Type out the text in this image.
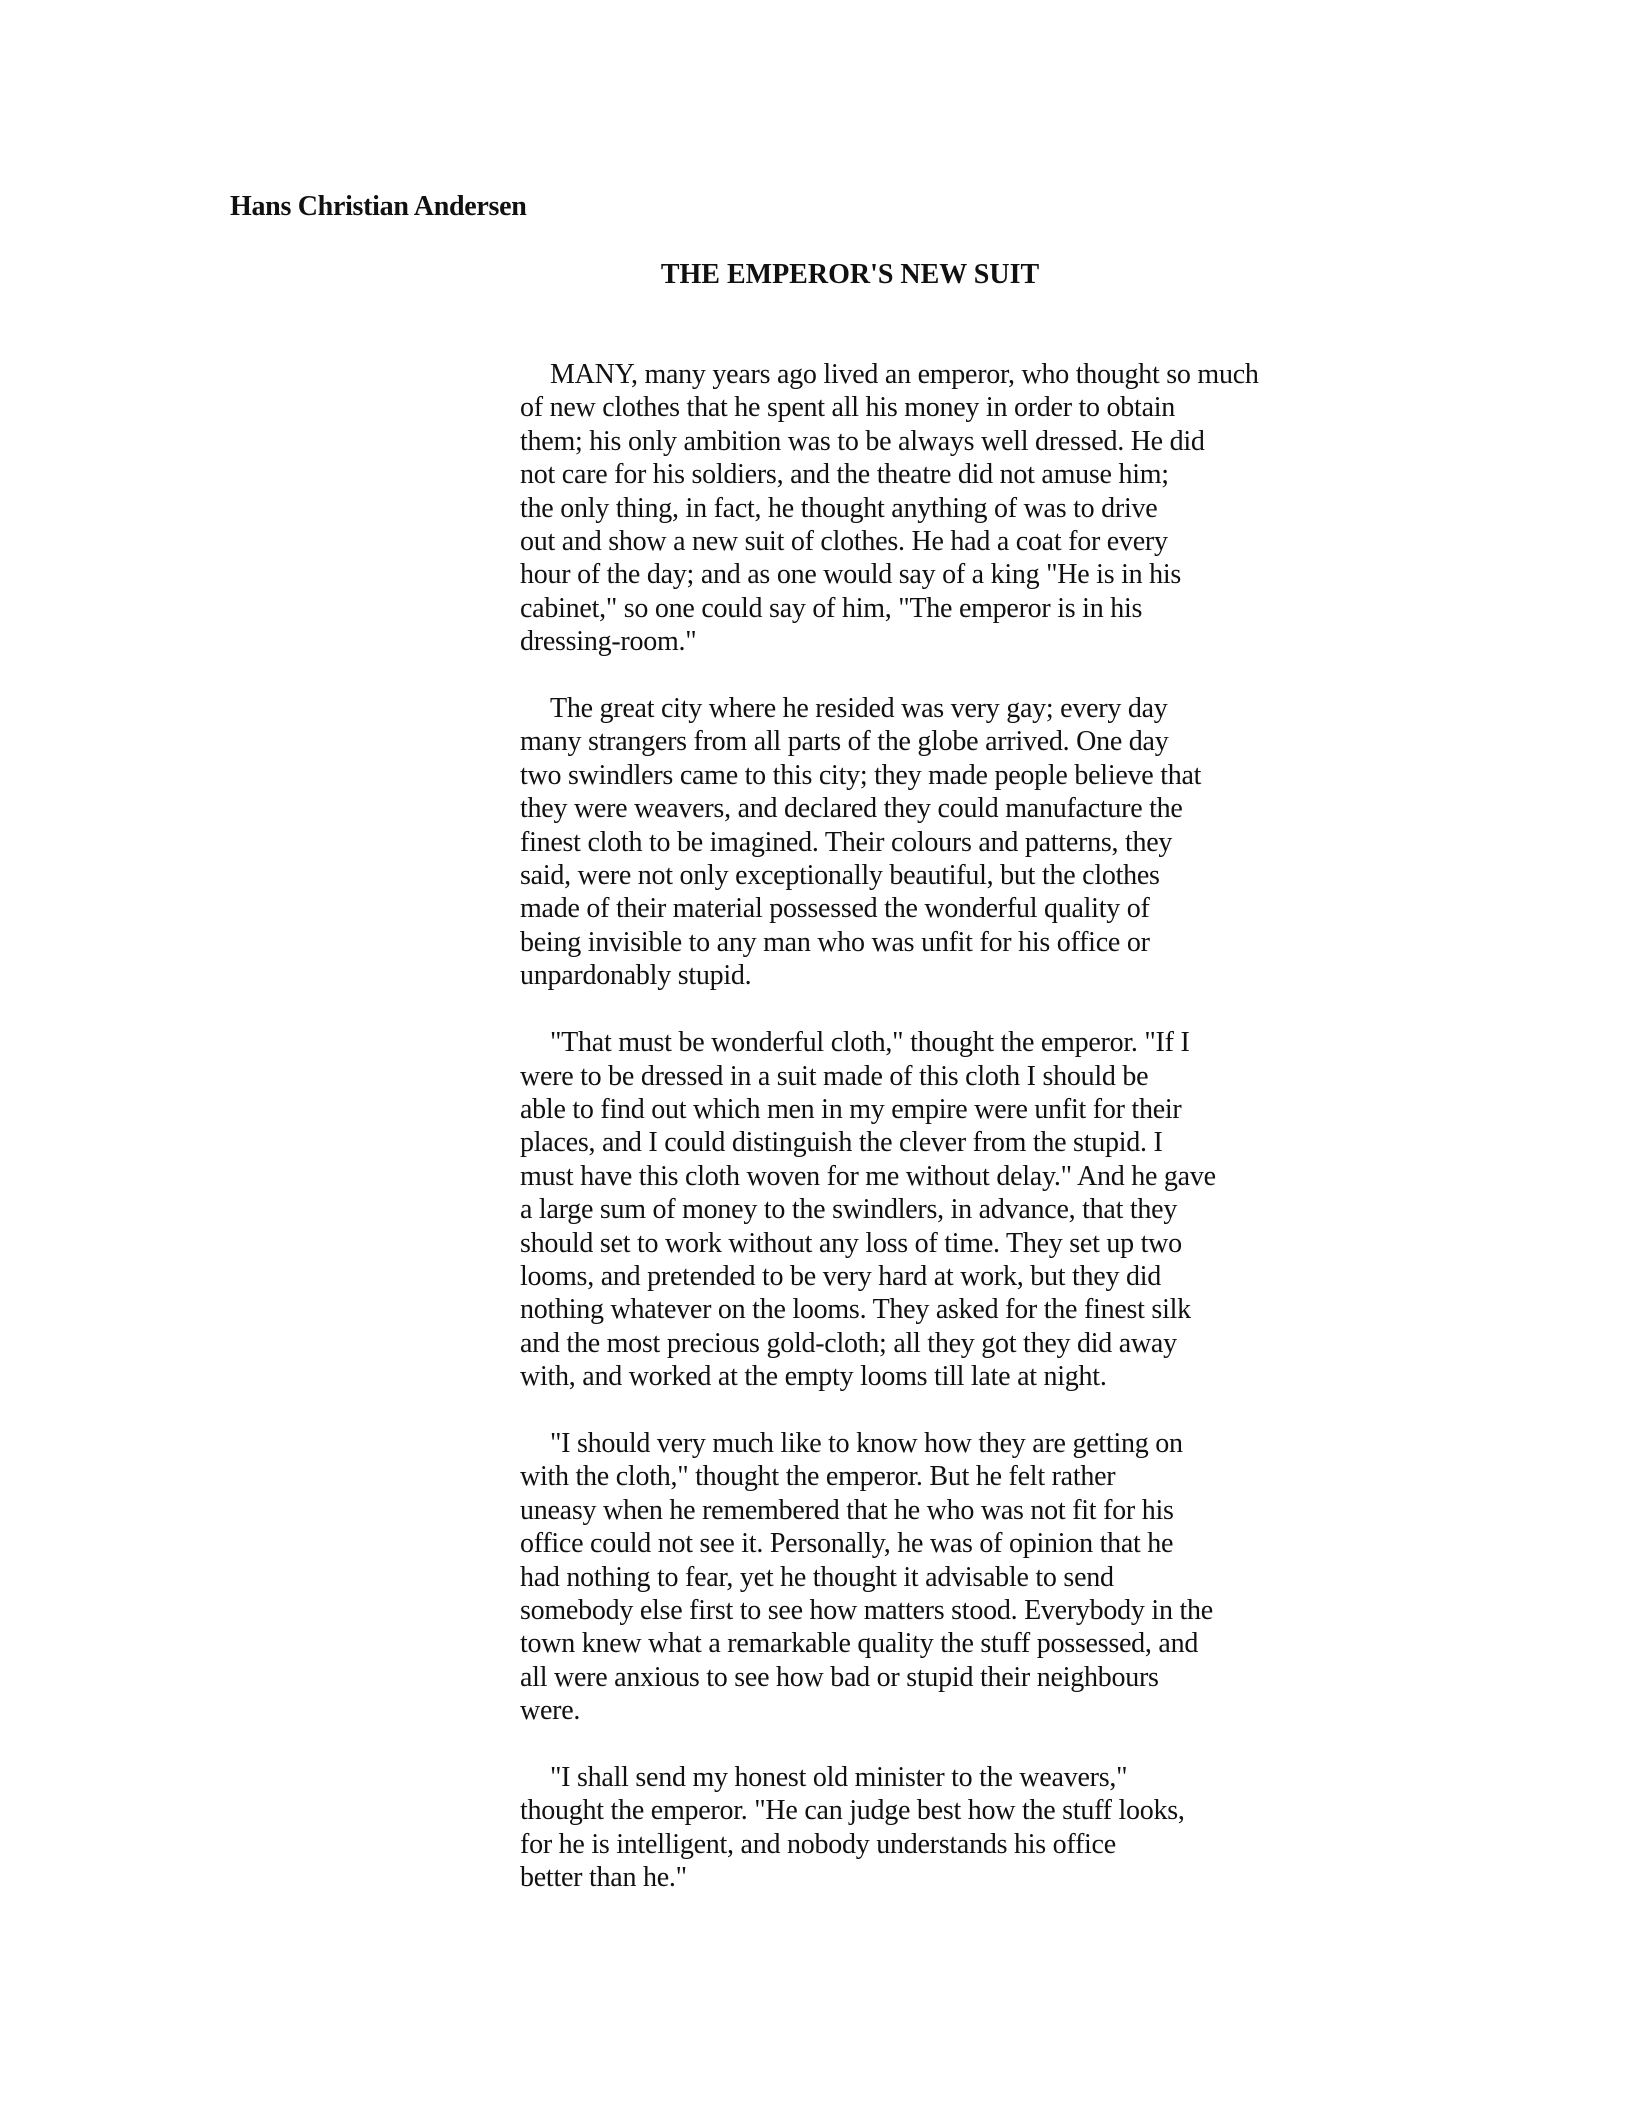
Hans Christian Andersen
THE EMPEROR'S NEW SUIT

MANY, many years ago lived an emperor, who thought so much
of new clothes that he spent all his money in order to obtain
them; his only ambition was to be always well dressed. He did
not care for his soldiers, and the theatre did not amuse him;
the only thing, in fact, he thought anything of was to drive
out and show a new suit of clothes. He had a coat for every
hour of the day; and as one would say of a king "He is in his
cabinet," so one could say of him, "The emperor is in his
dressing-room."

The great city where he resided was very gay; every day
many strangers from all parts of the globe arrived. One day
two swindlers came to this city; they made people believe that
they were weavers, and declared they could manufacture the
finest cloth to be imagined. Their colours and patterns, they
said, were not only exceptionally beautiful, but the clothes
made of their material possessed the wonderful quality of
being invisible to any man who was unfit for his office or
unpardonably stupid.

"That must be wonderful cloth," thought the emperor. "If I
were to be dressed in a suit made of this cloth I should be
able to find out which men in my empire were unfit for their
places, and I could distinguish the clever from the stupid. I
must have this cloth woven for me without delay." And he gave
a large sum of money to the swindlers, in advance, that they
should set to work without any loss of time. They set up two
looms, and pretended to be very hard at work, but they did
nothing whatever on the looms. They asked for the finest silk
and the most precious gold-cloth; all they got they did away
with, and worked at the empty looms till late at night.

"I should very much like to know how they are getting on
with the cloth," thought the emperor. But he felt rather
uneasy when he remembered that he who was not fit for his
office could not see it. Personally, he was of opinion that he
had nothing to fear, yet he thought it advisable to send
somebody else first to see how matters stood. Everybody in the
town knew what a remarkable quality the stuff possessed, and
all were anxious to see how bad or stupid their neighbours
were.

"I shall send my honest old minister to the weavers,"
thought the emperor. "He can judge best how the stuff looks,
for he is intelligent, and nobody understands his office
better than he."
